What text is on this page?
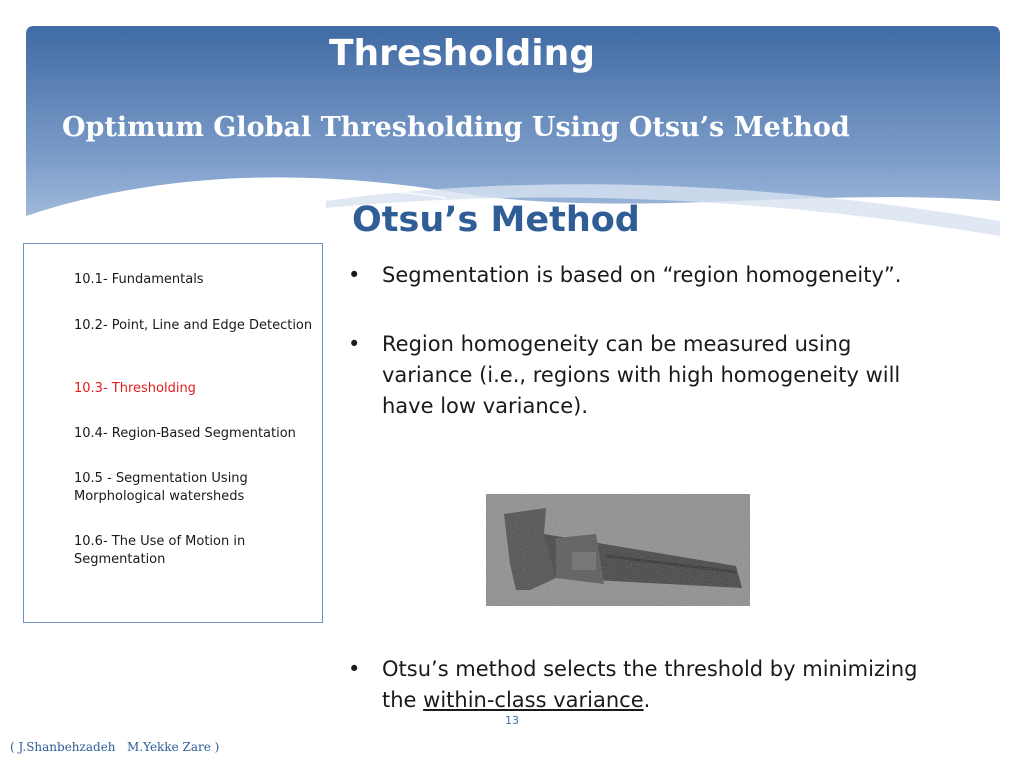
Thresholding
Optimum Global Thresholding Using Otsu’s Method
Otsu’s Method

10.1- Fundamentals

10.2- Point, Line and Edge Detection

10.3- Thresholding

10.4- Region-Based Segmentation

10.5 - Segmentation Using Morphological watersheds

10.6- The Use of Motion in Segmentation

• Segmentation is based on “region homogeneity”.

• Region homogeneity can be measured using variance (i.e., regions with high homogeneity will have low variance).

• Otsu’s method selects the threshold by minimizing the within-class variance.

13

( J.Shanbehzadeh   M.Yekke Zare )
